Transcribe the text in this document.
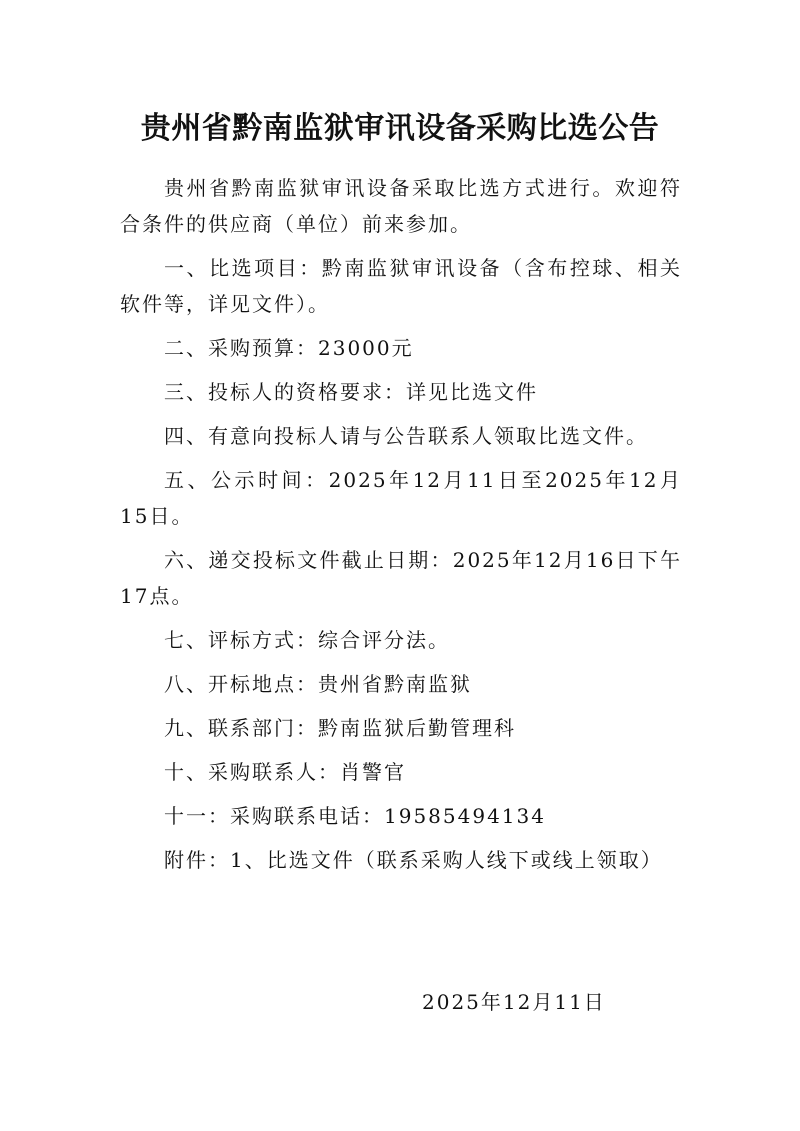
贵州省黔南监狱审讯设备采购比选公告

贵州省黔南监狱审讯设备采取比选方式进行。欢迎符合条件的供应商（单位）前来参加。

一、比选项目：黔南监狱审讯设备（含布控球、相关软件等，详见文件）。

二、采购预算：23000元

三、投标人的资格要求：详见比选文件

四、有意向投标人请与公告联系人领取比选文件。

五、公示时间：2025年12月11日至2025年12月15日。

六、递交投标文件截止日期：2025年12月16日下午17点。

七、评标方式：综合评分法。

八、开标地点：贵州省黔南监狱

九、联系部门：黔南监狱后勤管理科

十、采购联系人：肖警官

十一：采购联系电话：19585494134

附件：1、比选文件（联系采购人线下或线上领取）

2025年12月11日
